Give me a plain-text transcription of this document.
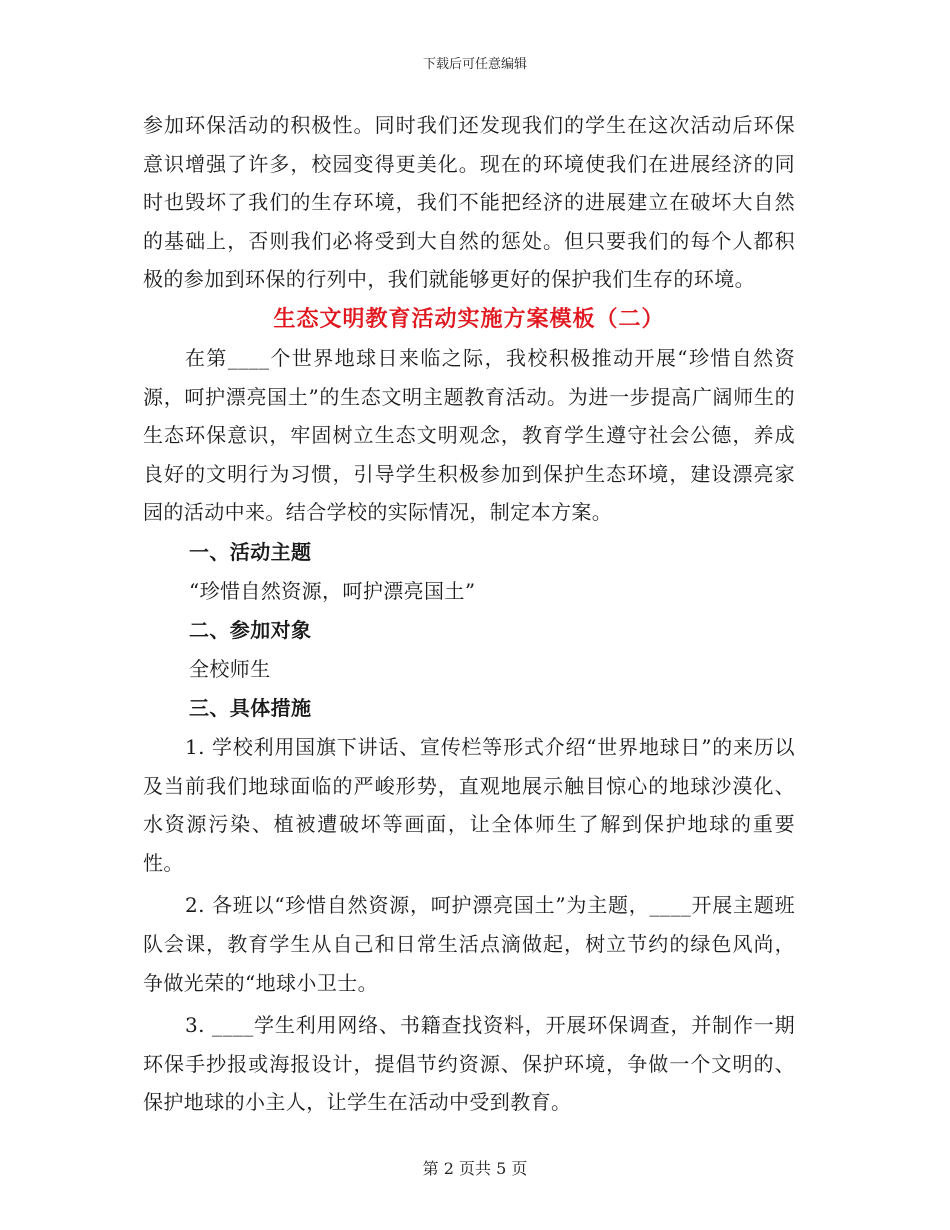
下载后可任意编辑

参加环保活动的积极性。同时我们还发现我们的学生在这次活动后环保意识增强了许多，校园变得更美化。现在的环境使我们在进展经济的同时也毁坏了我们的生存环境，我们不能把经济的进展建立在破坏大自然的基础上，否则我们必将受到大自然的惩处。但只要我们的每个人都积极的参加到环保的行列中，我们就能够更好的保护我们生存的环境。

生态文明教育活动实施方案模板（二）

在第____个世界地球日来临之际，我校积极推动开展“珍惜自然资源，呵护漂亮国土”的生态文明主题教育活动。为进一步提高广阔师生的生态环保意识，牢固树立生态文明观念，教育学生遵守社会公德，养成良好的文明行为习惯，引导学生积极参加到保护生态环境，建设漂亮家园的活动中来。结合学校的实际情况，制定本方案。

一、活动主题

“珍惜自然资源，呵护漂亮国土”

二、参加对象

全校师生

三、具体措施

1. 学校利用国旗下讲话、宣传栏等形式介绍“世界地球日”的来历以及当前我们地球面临的严峻形势，直观地展示触目惊心的地球沙漠化、水资源污染、植被遭破坏等画面，让全体师生了解到保护地球的重要性。

2. 各班以“珍惜自然资源，呵护漂亮国土”为主题，____开展主题班队会课，教育学生从自己和日常生活点滴做起，树立节约的绿色风尚，争做光荣的“地球小卫士。

3. ____学生利用网络、书籍查找资料，开展环保调查，并制作一期环保手抄报或海报设计，提倡节约资源、保护环境，争做一个文明的、保护地球的小主人，让学生在活动中受到教育。

第 2 页共 5 页
